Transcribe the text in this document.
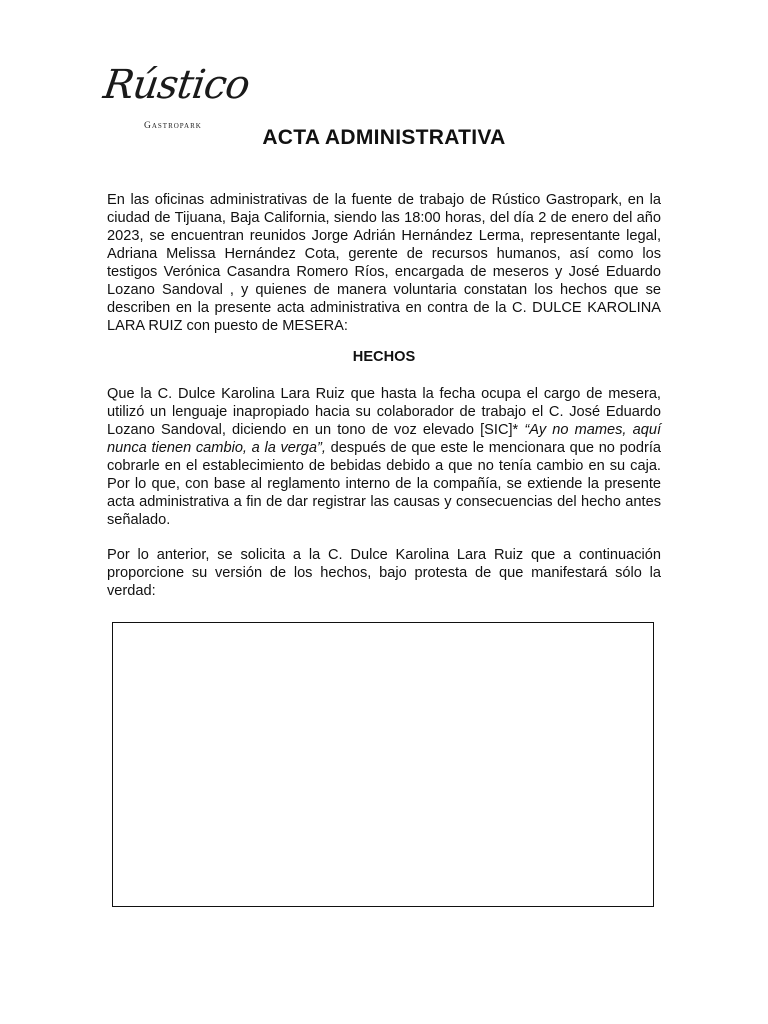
Rústico
Gastropark	ACTA ADMINISTRATIVA
En las oficinas administrativas de la fuente de trabajo de Rústico Gastropark, en la ciudad de Tijuana, Baja California, siendo las 18:00 horas, del día 2 de enero del año 2023, se encuentran reunidos Jorge Adrián Hernández Lerma, representante legal, Adriana Melissa Hernández Cota, gerente de recursos humanos, así como los testigos Verónica Casandra Romero Ríos, encargada de meseros y José Eduardo Lozano Sandoval , y quienes de manera voluntaria constatan los hechos que se describen en la presente acta administrativa en contra de la C. DULCE KAROLINA LARA RUIZ con puesto de MESERA:
HECHOS
Que la C. Dulce Karolina Lara Ruiz que hasta la fecha ocupa el cargo de mesera, utilizó un lenguaje inapropiado hacia su colaborador de trabajo el C. José Eduardo Lozano Sandoval, diciendo en un tono de voz elevado [SIC]* “Ay no mames, aquí nunca tienen cambio, a la verga”, después de que este le mencionara que no podría cobrarle en el establecimiento de bebidas debido a que no tenía cambio en su caja. Por lo que, con base al reglamento interno de la compañía, se extiende la presente acta administrativa a fin de dar registrar las causas y consecuencias del hecho antes señalado.
Por lo anterior, se solicita a la C. Dulce Karolina Lara Ruiz que a continuación proporcione su versión de los hechos, bajo protesta de que manifestará sólo la verdad:
